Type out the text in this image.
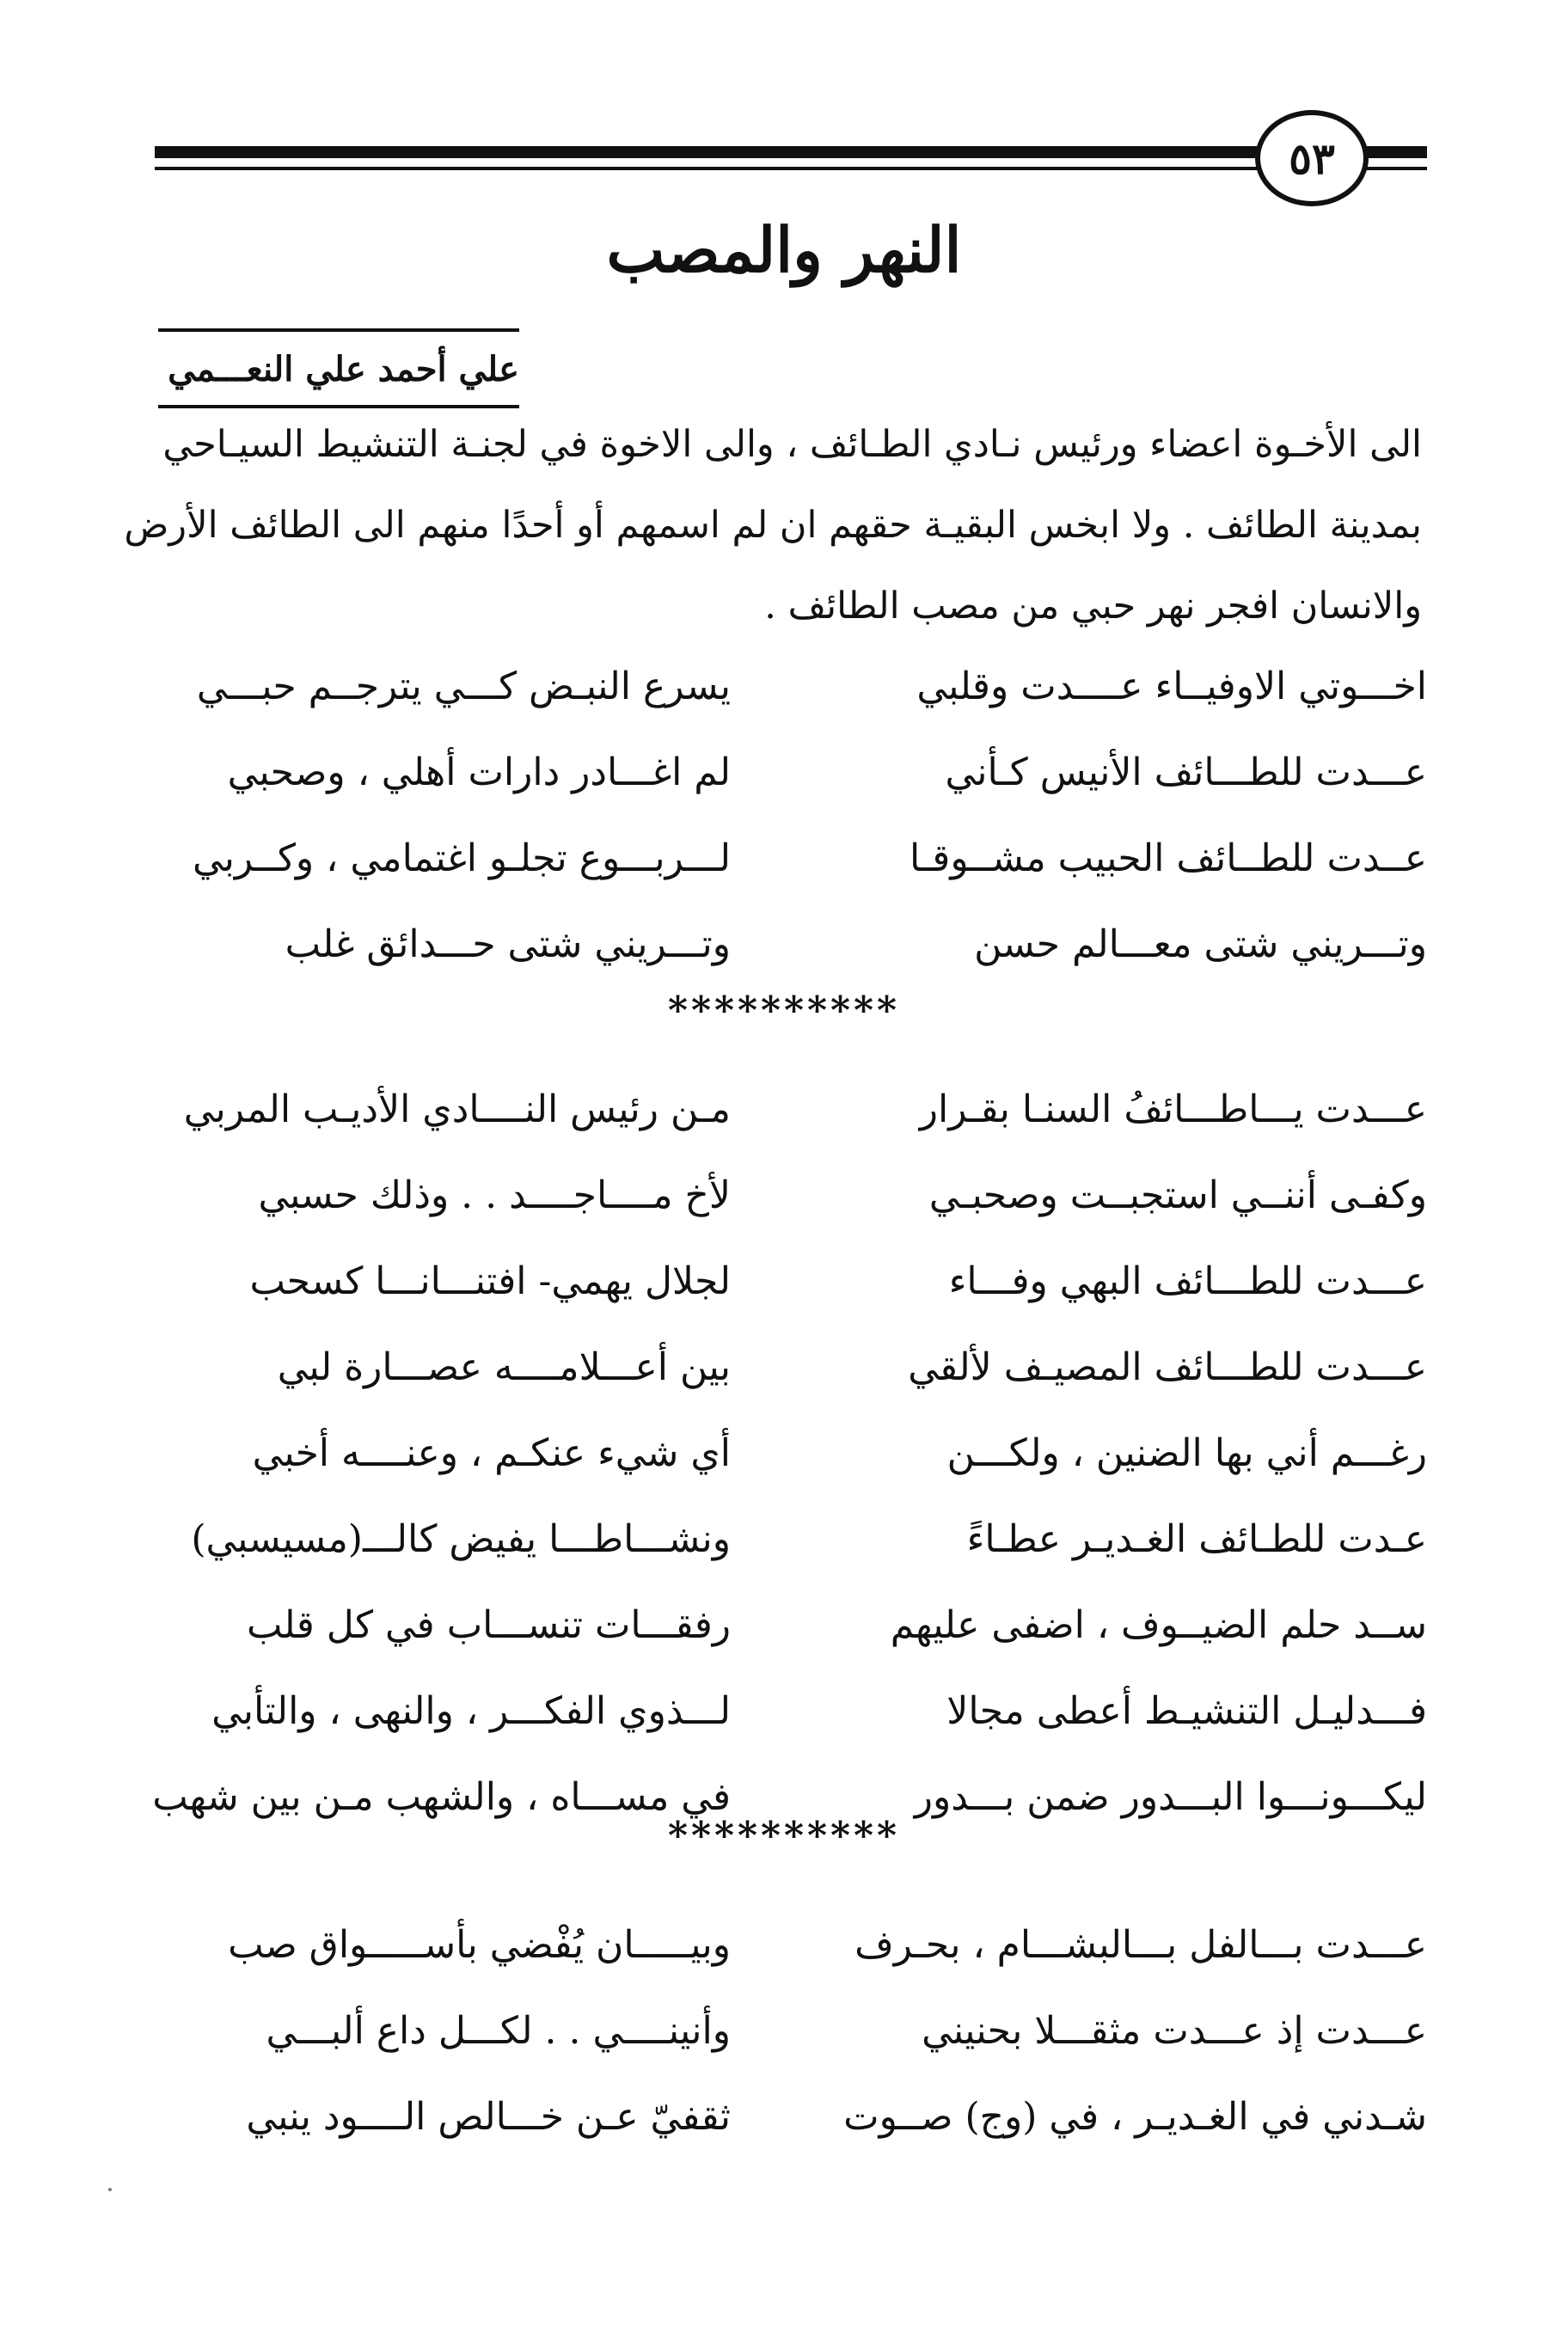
٥٣
النهر والمصب
علي أحمد علي النعـــمي
الى الأخـوة اعضاء ورئيس نـادي الطـائف ، والى الاخوة في لجنـة التنشيط السيـاحي
بمدينة الطائف . ولا ابخس البقيـة حقهم ان لم اسمهم أو أحدًا منهم الى الطائف الأرض
والانسان افجر نهر حبي من مصب الطائف .
اخـــوتي الاوفيــاء عــــدت وقلبي
يسرع النبـض كـــي يترجــم حبـــي
عـــدت للطـــائف الأنيس كـأني
لم اغـــادر دارات أهلي ، وصحبي
عــدت للطــائف الحبيب مشــوقـا
لـــربـــوع تجلـو اغتمامي ، وكــربي
وتـــريني شتى معـــالم حسن
وتـــريني شتى حـــدائق غلب
**********
عـــدت يـــاطـــائفُ السنـا بقـرار
مـن رئيس النــــادي الأديـب المربي
وكفـى أننــي استجبــت وصحبـي
لأخ مــــاجــــد . . وذلك حسبي
عـــدت للطـــائف البهي وفـــاء
لجلال يهمي- افتنـــانـــا كسحب
عـــدت للطـــائف المصيـف لألقي
بين أعـــلامــــه عصـــارة لبي
رغـــم أني بها الضنين ، ولكـــن
أي شيء عنكـم ، وعنــــه أخبي
عـدت للطـائف الغـديـر عطـاءً
ونشـــاطـــا يفيض كالـــ(مسيسبي)
ســد حلم الضيــوف ، اضفى عليهم
رفقـــات تنســـاب في كل قلب
فـــدليـل التنشيـط أعطى مجالا
لـــذوي الفكـــر ، والنهى ، والتأبي
ليكـــونـــوا البـــدور ضمن بـــدور
في مســـاه ، والشهب مـن بين شهب
**********
عـــدت بـــالفل بـــالبشـــام ، بحـرف
وبيـــــان يُفْضي بأســـــواق صب
عـــدت إذ عـــدت مثقـــلا بحنيني
وأنينــــي . . لكـــل داع ألبـــي
شـدني في الغـديـر ، في (وج) صــوت
ثقفيّ عـن خـــالص الــــود ينبي
